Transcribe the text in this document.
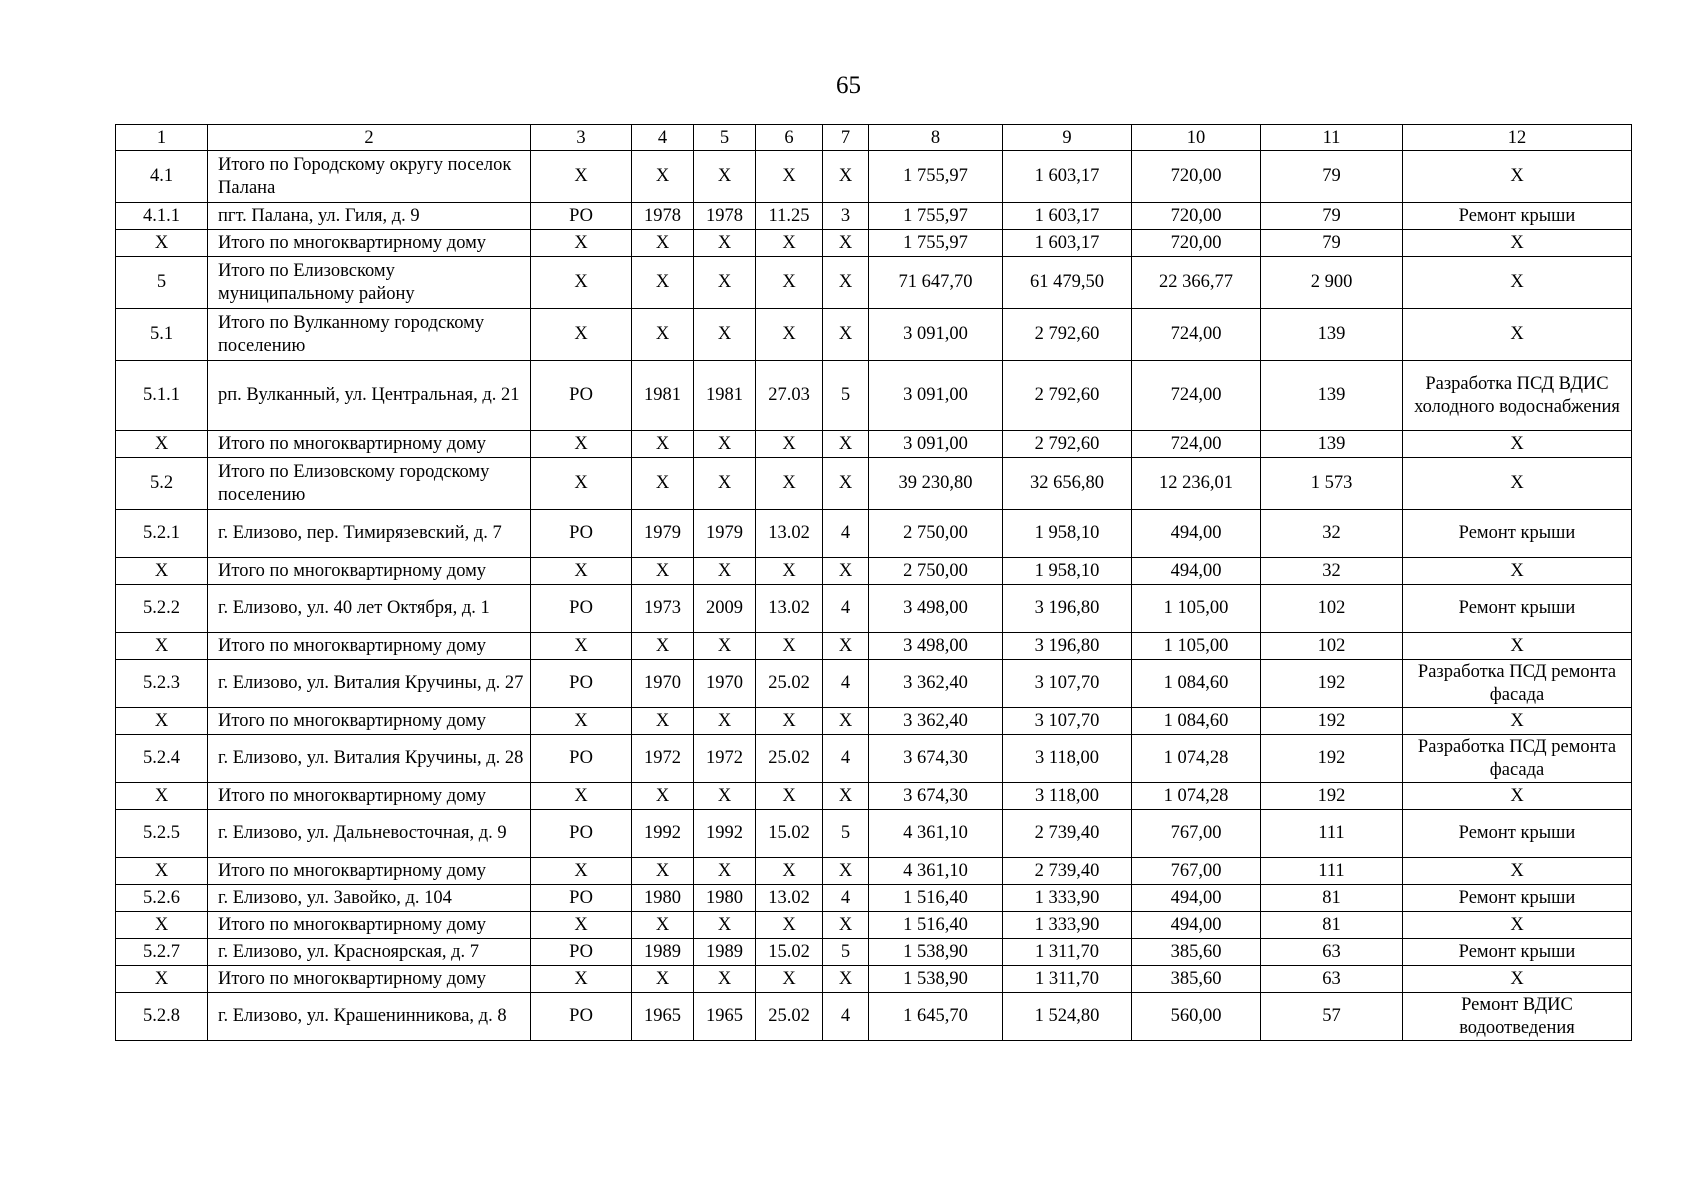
65
1	2	3	4	5	6	7	8	9	10	11	12
4.1	Итого по Городскому округу поселок Палана	X	X	X	X	X	1 755,97	1 603,17	720,00	79	X
4.1.1	пгт. Палана, ул. Гиля, д. 9	РО	1978	1978	11.25	3	1 755,97	1 603,17	720,00	79	Ремонт крыши
X	Итого по многоквартирному дому	X	X	X	X	X	1 755,97	1 603,17	720,00	79	X
5	Итого по Елизовскому муниципальному району	X	X	X	X	X	71 647,70	61 479,50	22 366,77	2 900	X
5.1	Итого по Вулканному городскому поселению	X	X	X	X	X	3 091,00	2 792,60	724,00	139	X
5.1.1	рп. Вулканный, ул. Центральная, д. 21	РО	1981	1981	27.03	5	3 091,00	2 792,60	724,00	139	Разработка ПСД ВДИС холодного водоснабжения
X	Итого по многоквартирному дому	X	X	X	X	X	3 091,00	2 792,60	724,00	139	X
5.2	Итого по Елизовскому городскому поселению	X	X	X	X	X	39 230,80	32 656,80	12 236,01	1 573	X
5.2.1	г. Елизово, пер. Тимирязевский, д. 7	РО	1979	1979	13.02	4	2 750,00	1 958,10	494,00	32	Ремонт крыши
X	Итого по многоквартирному дому	X	X	X	X	X	2 750,00	1 958,10	494,00	32	X
5.2.2	г. Елизово, ул. 40 лет Октября, д. 1	РО	1973	2009	13.02	4	3 498,00	3 196,80	1 105,00	102	Ремонт крыши
X	Итого по многоквартирному дому	X	X	X	X	X	3 498,00	3 196,80	1 105,00	102	X
5.2.3	г. Елизово, ул. Виталия Кручины, д. 27	РО	1970	1970	25.02	4	3 362,40	3 107,70	1 084,60	192	Разработка ПСД ремонта фасада
X	Итого по многоквартирному дому	X	X	X	X	X	3 362,40	3 107,70	1 084,60	192	X
5.2.4	г. Елизово, ул. Виталия Кручины, д. 28	РО	1972	1972	25.02	4	3 674,30	3 118,00	1 074,28	192	Разработка ПСД ремонта фасада
X	Итого по многоквартирному дому	X	X	X	X	X	3 674,30	3 118,00	1 074,28	192	X
5.2.5	г. Елизово, ул. Дальневосточная, д. 9	РО	1992	1992	15.02	5	4 361,10	2 739,40	767,00	111	Ремонт крыши
X	Итого по многоквартирному дому	X	X	X	X	X	4 361,10	2 739,40	767,00	111	X
5.2.6	г. Елизово, ул. Завойко, д. 104	РО	1980	1980	13.02	4	1 516,40	1 333,90	494,00	81	Ремонт крыши
X	Итого по многоквартирному дому	X	X	X	X	X	1 516,40	1 333,90	494,00	81	X
5.2.7	г. Елизово, ул. Красноярская, д. 7	РО	1989	1989	15.02	5	1 538,90	1 311,70	385,60	63	Ремонт крыши
X	Итого по многоквартирному дому	X	X	X	X	X	1 538,90	1 311,70	385,60	63	X
5.2.8	г. Елизово, ул. Крашенинникова, д. 8	РО	1965	1965	25.02	4	1 645,70	1 524,80	560,00	57	Ремонт ВДИС водоотведения
